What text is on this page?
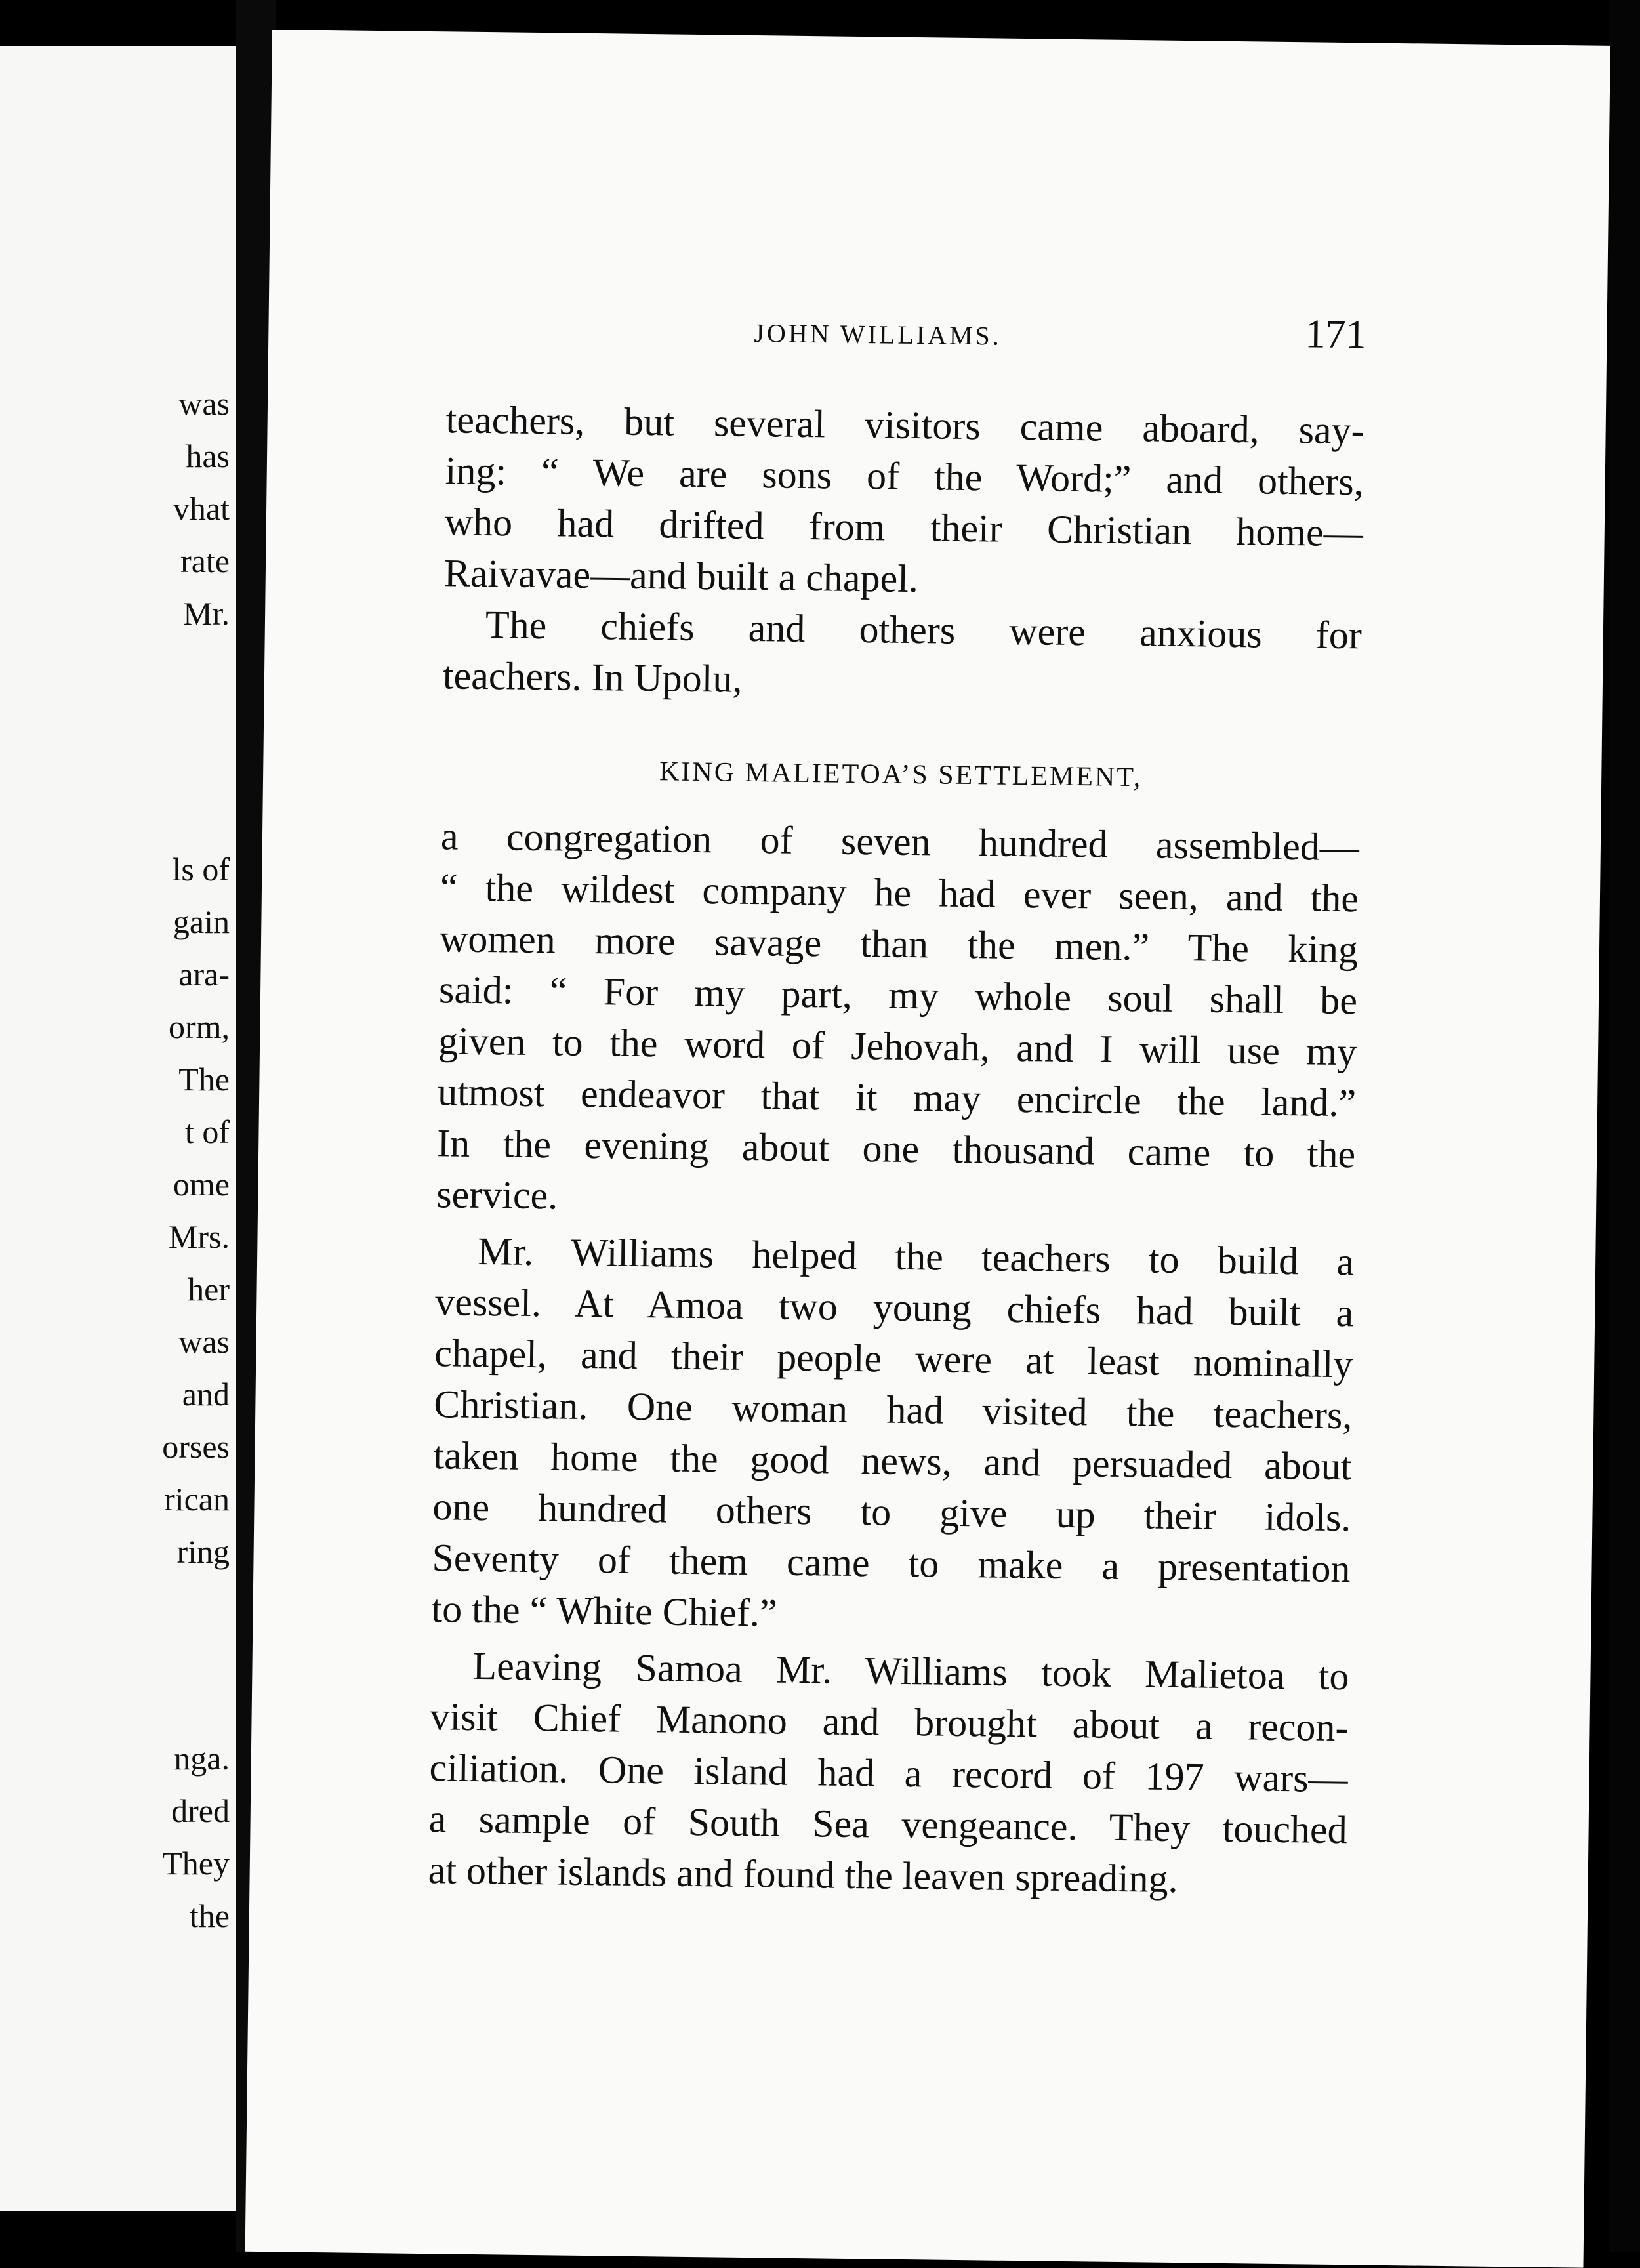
was
has
vhat
rate
Mr.
ls of
gain
ara-
orm,
The
t of
ome
Mrs.
her
was
and
orses
rican
ring
nga.
dred
They
the
JOHN WILLIAMS.	171
teachers, but several visitors came aboard, say-
ing: “ We are sons of the Word;” and others,
who had drifted from their Christian home—
Raivavae—and built a chapel.
The chiefs and others were anxious for
teachers. In Upolu,
KING MALIETOA’S SETTLEMENT,
a congregation of seven hundred assembled—
“ the wildest company he had ever seen, and the
women more savage than the men.” The king
said: “ For my part, my whole soul shall be
given to the word of Jehovah, and I will use my
utmost endeavor that it may encircle the land.”
In the evening about one thousand came to the
service.
Mr. Williams helped the teachers to build a
vessel. At Amoa two young chiefs had built a
chapel, and their people were at least nominally
Christian. One woman had visited the teachers,
taken home the good news, and persuaded about
one hundred others to give up their idols.
Seventy of them came to make a presentation
to the “ White Chief.”
Leaving Samoa Mr. Williams took Malietoa to
visit Chief Manono and brought about a recon-
ciliation. One island had a record of 197 wars—
a sample of South Sea vengeance. They touched
at other islands and found the leaven spreading.
